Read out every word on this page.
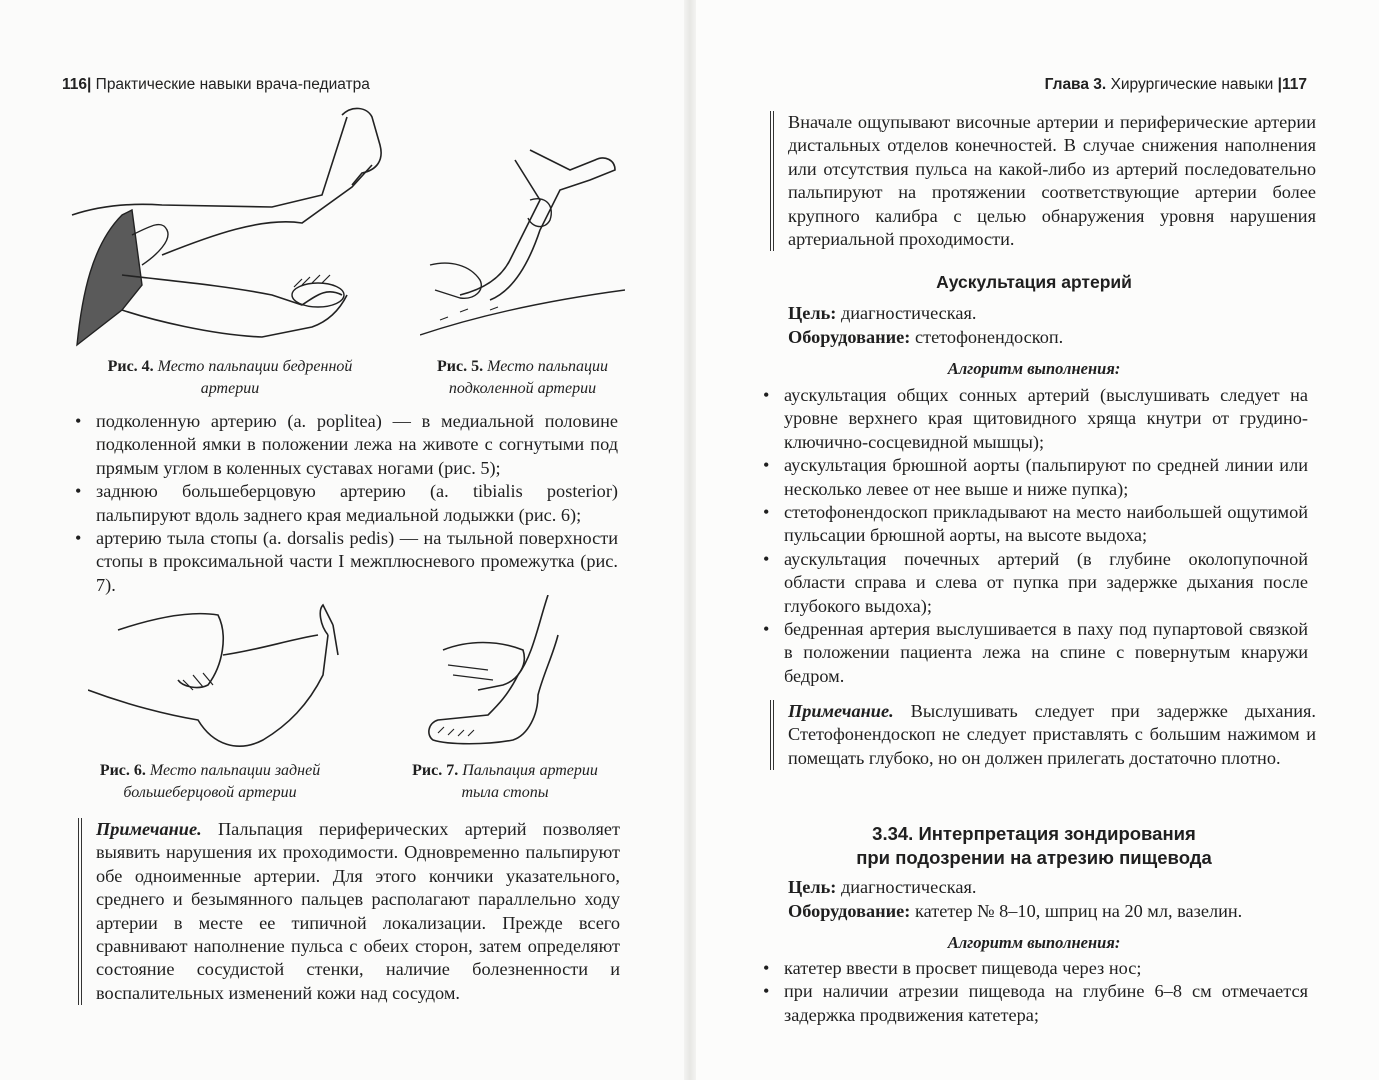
116| Практические навыки врача-педиатра
Рис. 4. Место пальпации бедренной артерии
Рис. 5. Место пальпации подколенной артерии
• подколенную артерию (a. poplitea) — в медиальной половине подколенной ямки в положении лежа на животе с согнутыми под прямым углом в коленных суставах ногами (рис. 5);
• заднюю большеберцовую артерию (a. tibialis posterior) пальпируют вдоль заднего края медиальной лодыжки (рис. 6);
• артерию тыла стопы (a. dorsalis pedis) — на тыльной поверхности стопы в проксимальной части I межплюсневого промежутка (рис. 7).
Рис. 6. Место пальпации задней большеберцовой артерии
Рис. 7. Пальпация артерии тыла стопы
Примечание. Пальпация периферических артерий позволяет выявить нарушения их проходимости. Одновременно пальпируют обе одноименные артерии. Для этого кончики указательного, среднего и безымянного пальцев располагают параллельно ходу артерии в месте ее типичной локализации. Прежде всего сравнивают наполнение пульса с обеих сторон, затем определяют состояние сосудистой стенки, наличие болезненности и воспалительных изменений кожи над сосудом.
Глава 3. Хирургические навыки |117
Вначале ощупывают височные артерии и периферические артерии дистальных отделов конечностей. В случае снижения наполнения или отсутствия пульса на какой-либо из артерий последовательно пальпируют на протяжении соответствующие артерии более крупного калибра с целью обнаружения уровня нарушения артериальной проходимости.
Аускультация артерий
Цель: диагностическая.
Оборудование: стетофонендоскоп.
Алгоритм выполнения:
• аускультация общих сонных артерий (выслушивать следует на уровне верхнего края щитовидного хряща кнутри от грудино-ключично-сосцевидной мышцы);
• аускультация брюшной аорты (пальпируют по средней линии или несколько левее от нее выше и ниже пупка);
• стетофонендоскоп прикладывают на место наибольшей ощутимой пульсации брюшной аорты, на высоте выдоха;
• аускультация почечных артерий (в глубине околопупочной области справа и слева от пупка при задержке дыхания после глубокого выдоха);
• бедренная артерия выслушивается в паху под пупартовой связкой в положении пациента лежа на спине с повернутым кнаружи бедром.
Примечание. Выслушивать следует при задержке дыхания. Стетофонендоскоп не следует приставлять с большим нажимом и помещать глубоко, но он должен прилегать достаточно плотно.
3.34. Интерпретация зондирования
при подозрении на атрезию пищевода
Цель: диагностическая.
Оборудование: катетер № 8–10, шприц на 20 мл, вазелин.
Алгоритм выполнения:
• катетер ввести в просвет пищевода через нос;
• при наличии атрезии пищевода на глубине 6–8 см отмечается задержка продвижения катетера;
